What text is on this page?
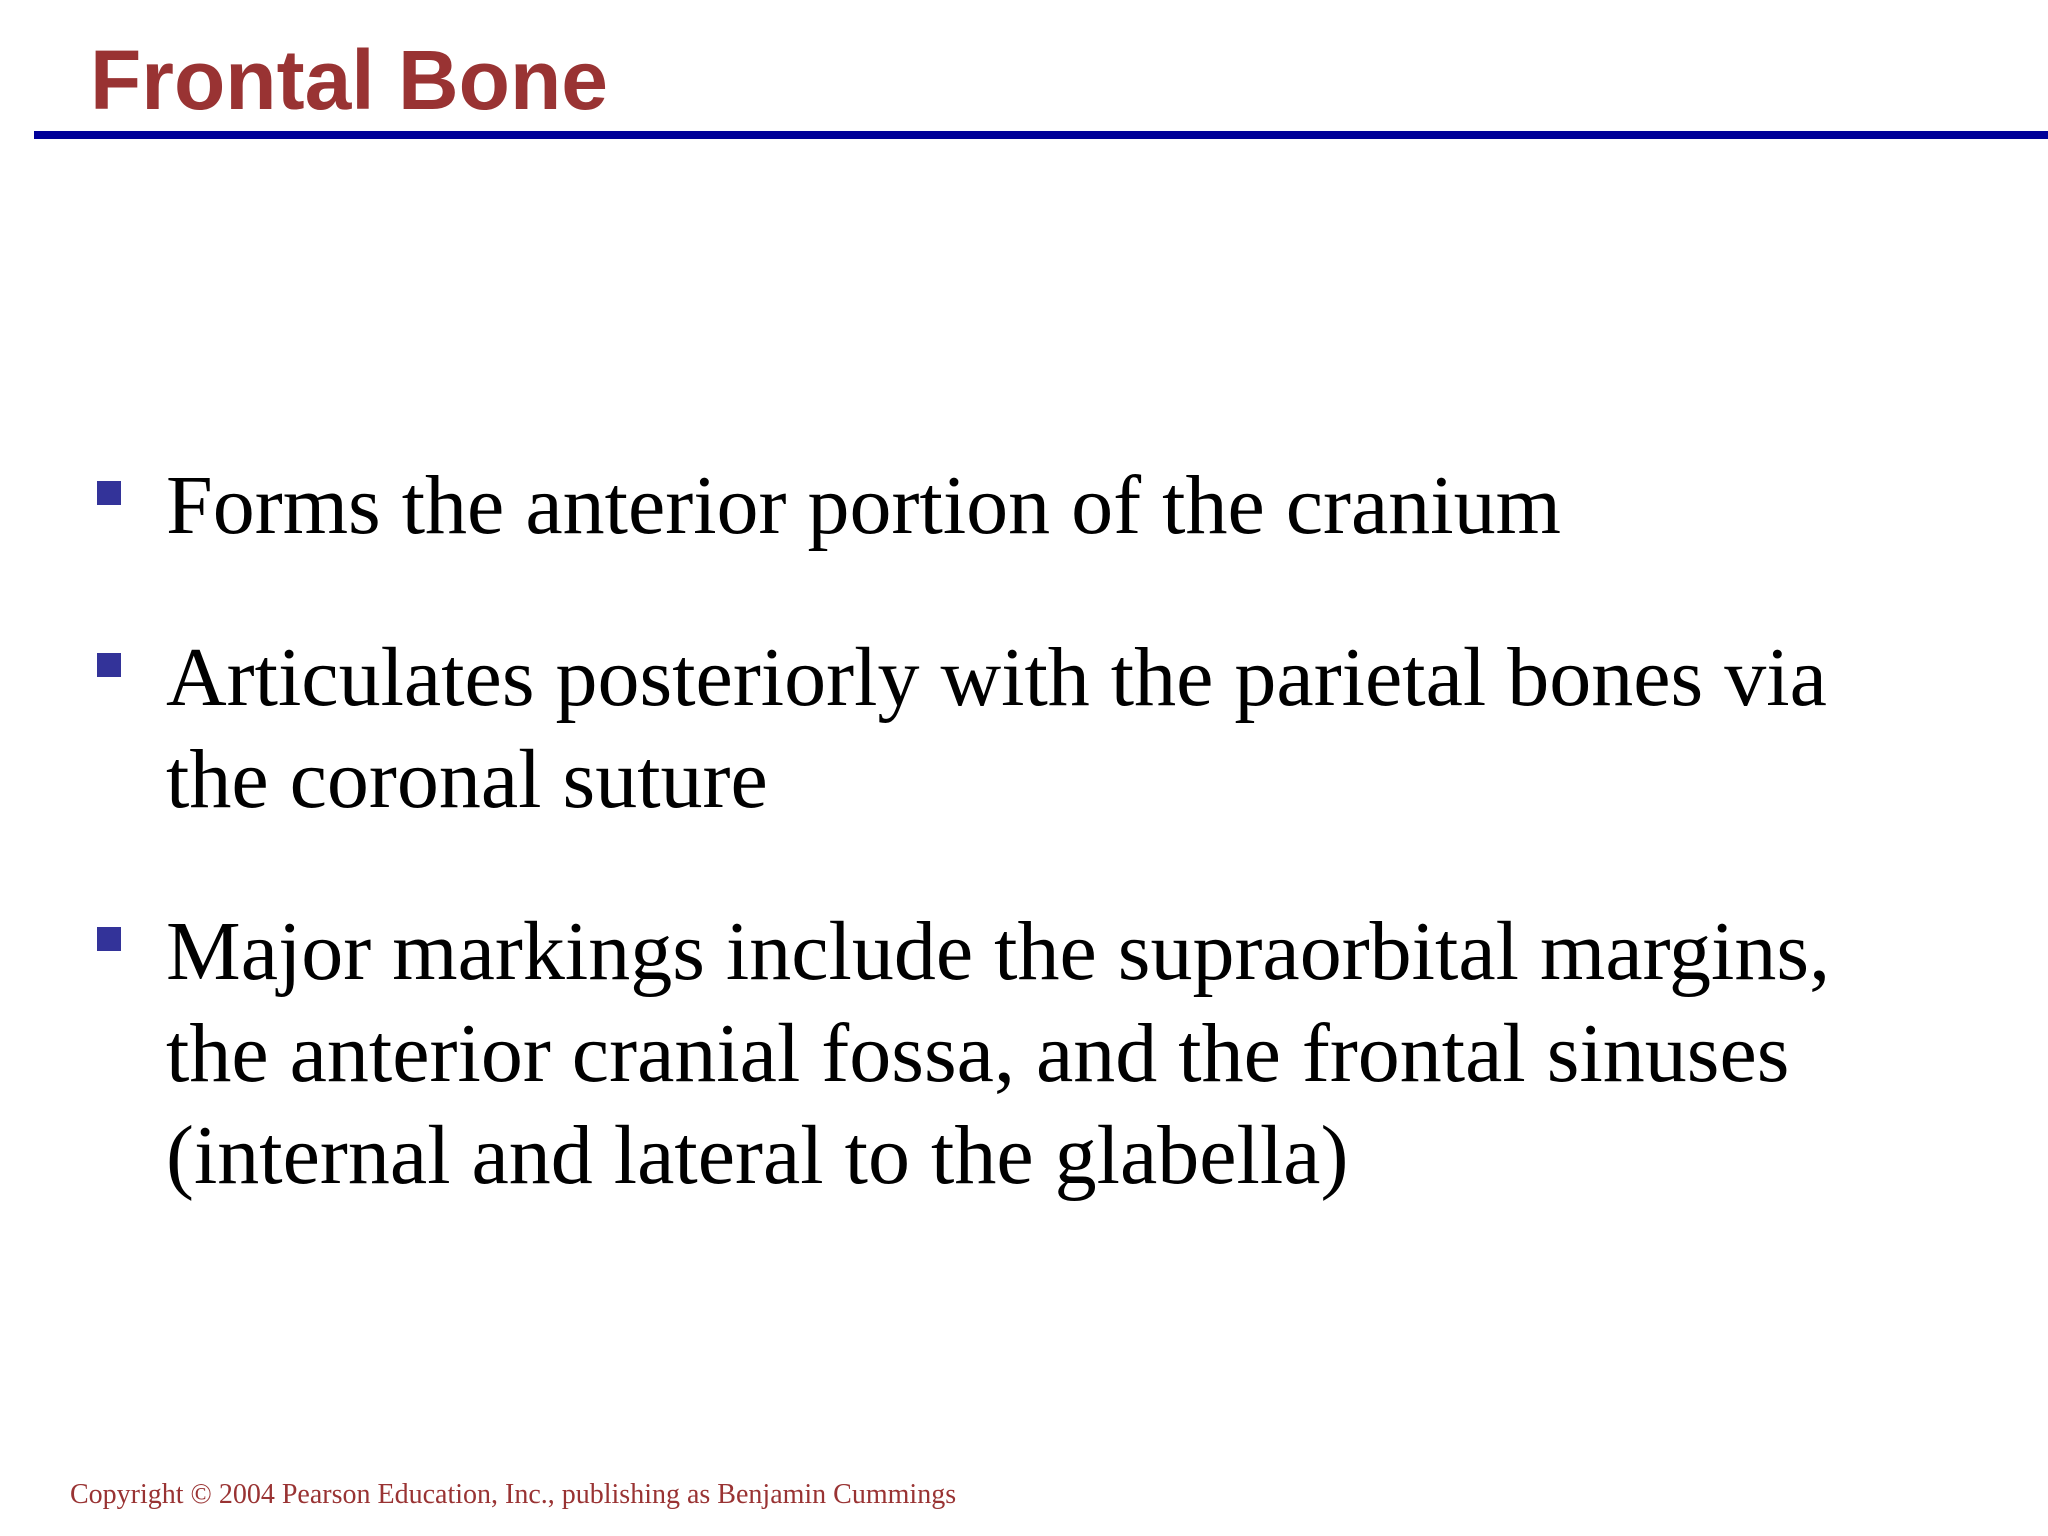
Frontal Bone
Forms the anterior portion of the cranium
Articulates posteriorly with the parietal bones via the coronal suture
Major markings include the supraorbital margins, the anterior cranial fossa, and the frontal sinuses (internal and lateral to the glabella)

Copyright © 2004 Pearson Education, Inc., publishing as Benjamin Cummings
